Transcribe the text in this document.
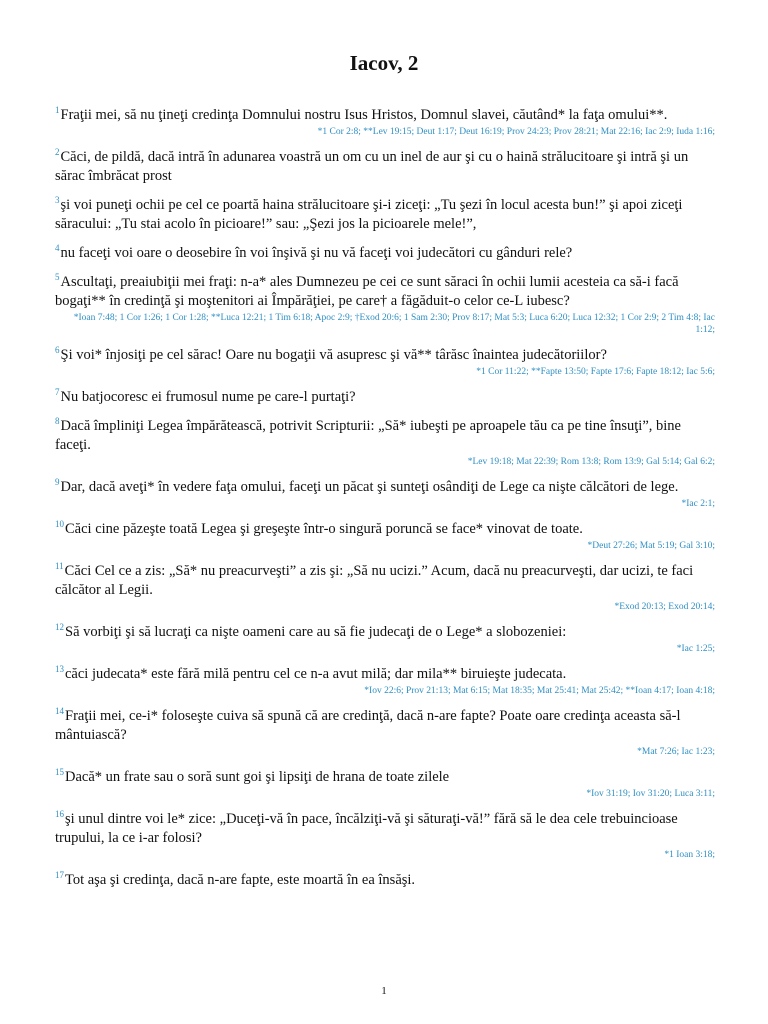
Iacov, 2

$^1$Fraţii mei, să nu ţineţi credinţa Domnului nostru Isus Hristos, Domnul slavei, căutând* la faţa omului**.

*1 Cor 2:8; **Lev 19:15; Deut 1:17; Deut 16:19; Prov 24:23; Prov 28:21; Mat 22:16; Iac 2:9; Iuda 1:16;

$^2$Căci, de pildă, dacă intră în adunarea voastră un om cu un inel de aur şi cu o haină strălucitoare şi intră şi un sărac îmbrăcat prost

$^3$şi voi puneţi ochii pe cel ce poartă haina strălucitoare şi-i ziceţi: „Tu şezi în locul acesta bun!” şi apoi ziceţi săracului: „Tu stai acolo în picioare!” sau: „Şezi jos la picioarele mele!”,

$^4$nu faceţi voi oare o deosebire în voi înşivă şi nu vă faceţi voi judecători cu gânduri rele?

$^5$Ascultaţi, preaiubiţii mei fraţi: n-a* ales Dumnezeu pe cei ce sunt săraci în ochii lumii acesteia ca să-i facă bogaţi** în credinţă şi moştenitori ai Împărăţiei, pe care† a făgăduit-o celor ce-L iubesc?

*Ioan 7:48; 1 Cor 1:26; 1 Cor 1:28; **Luca 12:21; 1 Tim 6:18; Apoc 2:9; †Exod 20:6; 1 Sam 2:30; Prov 8:17; Mat 5:3; Luca 6:20; Luca 12:32; 1 Cor 2:9; 2 Tim 4:8; Iac 1:12;

$^6$Şi voi* înjosiţi pe cel sărac! Oare nu bogaţii vă asupresc şi vă** târăsc înaintea judecătoriilor?

*1 Cor 11:22; **Fapte 13:50; Fapte 17:6; Fapte 18:12; Iac 5:6;

$^7$Nu batjocoresc ei frumosul nume pe care-l purtaţi?

$^8$Dacă împliniţi Legea împărătească, potrivit Scripturii: „Să* iubeşti pe aproapele tău ca pe tine însuţi”, bine faceţi.

*Lev 19:18; Mat 22:39; Rom 13:8; Rom 13:9; Gal 5:14; Gal 6:2;

$^9$Dar, dacă aveţi* în vedere faţa omului, faceţi un păcat şi sunteţi osândiţi de Lege ca nişte călcători de lege.

*Iac 2:1;

$^{10}$Căci cine păzeşte toată Legea şi greşeşte într-o singură poruncă se face* vinovat de toate.

*Deut 27:26; Mat 5:19; Gal 3:10;

$^{11}$Căci Cel ce a zis: „Să* nu preacurveşti” a zis şi: „Să nu ucizi.” Acum, dacă nu preacurveşti, dar ucizi, te faci călcător al Legii.

*Exod 20:13; Exod 20:14;

$^{12}$Să vorbiţi şi să lucraţi ca nişte oameni care au să fie judecaţi de o Lege* a slobozeniei:

*Iac 1:25;

$^{13}$căci judecata* este fără milă pentru cel ce n-a avut milă; dar mila** biruieşte judecata.

*Iov 22:6; Prov 21:13; Mat 6:15; Mat 18:35; Mat 25:41; Mat 25:42; **Ioan 4:17; Ioan 4:18;

$^{14}$Fraţii mei, ce-i* foloseşte cuiva să spună că are credinţă, dacă n-are fapte? Poate oare credinţa aceasta să-l mântuiască?

*Mat 7:26; Iac 1:23;

$^{15}$Dacă* un frate sau o soră sunt goi şi lipsiţi de hrana de toate zilele

*Iov 31:19; Iov 31:20; Luca 3:11;

$^{16}$şi unul dintre voi le* zice: „Duceţi-vă în pace, încălziţi-vă şi săturaţi-vă!” fără să le dea cele trebuincioase trupului, la ce i-ar folosi?

*1 Ioan 3:18;

$^{17}$Tot aşa şi credinţa, dacă n-are fapte, este moartă în ea însăşi.

1
